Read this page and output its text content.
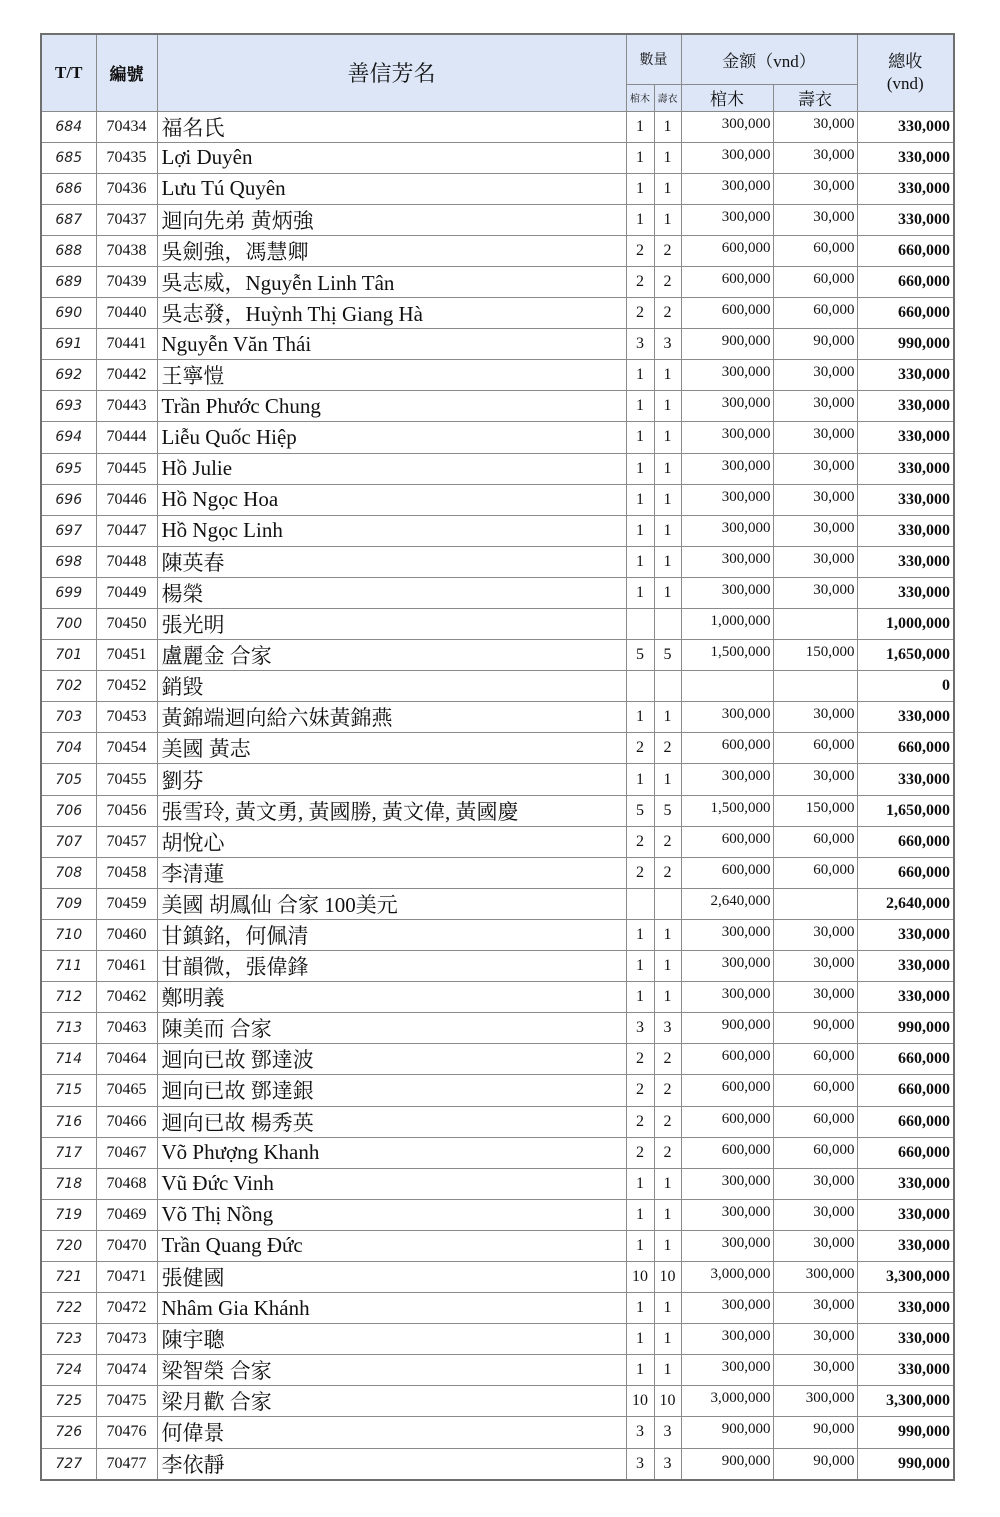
T/T	編號	善信芳名	數量		金额（vnd）		總收
(vnd)

			棺木	壽衣	棺木	壽衣	
684	70434	福名氏	1	1	300,000	30,000	330,000
685	70435	Lợi Duyên	1	1	300,000	30,000	330,000
686	70436	Lưu Tú Quyên	1	1	300,000	30,000	330,000
687	70437	迴向先弟 黄炳強	1	1	300,000	30,000	330,000
688	70438	吳劍強，馮慧卿	2	2	600,000	60,000	660,000
689	70439	吳志威，Nguyễn Linh Tân	2	2	600,000	60,000	660,000
690	70440	吳志發，Huỳnh Thị Giang Hà	2	2	600,000	60,000	660,000
691	70441	Nguyễn Văn Thái	3	3	900,000	90,000	990,000
692	70442	王寧愷	1	1	300,000	30,000	330,000
693	70443	Trần Phước Chung	1	1	300,000	30,000	330,000
694	70444	Liễu Quốc Hiệp	1	1	300,000	30,000	330,000
695	70445	Hồ Julie	1	1	300,000	30,000	330,000
696	70446	Hồ Ngọc Hoa	1	1	300,000	30,000	330,000
697	70447	Hồ Ngọc Linh	1	1	300,000	30,000	330,000
698	70448	陳英春	1	1	300,000	30,000	330,000
699	70449	楊榮	1	1	300,000	30,000	330,000
700	70450	張光明			1,000,000		1,000,000
701	70451	盧麗金 合家	5	5	1,500,000	150,000	1,650,000
702	70452	銷毀					0
703	70453	黃錦端迴向給六妹黃錦燕	1	1	300,000	30,000	330,000
704	70454	美國 黃志	2	2	600,000	60,000	660,000
705	70455	劉芬	1	1	300,000	30,000	330,000
706	70456	張雪玲, 黃文勇, 黃國勝, 黃文偉, 黃國慶	5	5	1,500,000	150,000	1,650,000
707	70457	胡悅心	2	2	600,000	60,000	660,000
708	70458	李清蓮	2	2	600,000	60,000	660,000
709	70459	美國 胡鳳仙 合家 100美元			2,640,000		2,640,000
710	70460	甘鎮銘，何佩清	1	1	300,000	30,000	330,000
711	70461	甘韻微，張偉鋒	1	1	300,000	30,000	330,000
712	70462	鄭明義	1	1	300,000	30,000	330,000
713	70463	陳美而 合家	3	3	900,000	90,000	990,000
714	70464	迴向已故 鄧達波	2	2	600,000	60,000	660,000
715	70465	迴向已故 鄧達銀	2	2	600,000	60,000	660,000
716	70466	迴向已故 楊秀英	2	2	600,000	60,000	660,000
717	70467	Võ Phượng Khanh	2	2	600,000	60,000	660,000
718	70468	Vũ Đức Vinh	1	1	300,000	30,000	330,000
719	70469	Võ Thị Nồng	1	1	300,000	30,000	330,000
720	70470	Trần Quang Đức	1	1	300,000	30,000	330,000
721	70471	張健國	10	10	3,000,000	300,000	3,300,000
722	70472	Nhâm Gia Khánh	1	1	300,000	30,000	330,000
723	70473	陳宇聰	1	1	300,000	30,000	330,000
724	70474	梁智榮 合家	1	1	300,000	30,000	330,000
725	70475	梁月歡 合家	10	10	3,000,000	300,000	3,300,000
726	70476	何偉景	3	3	900,000	90,000	990,000
727	70477	李依靜	3	3	900,000	90,000	990,000
